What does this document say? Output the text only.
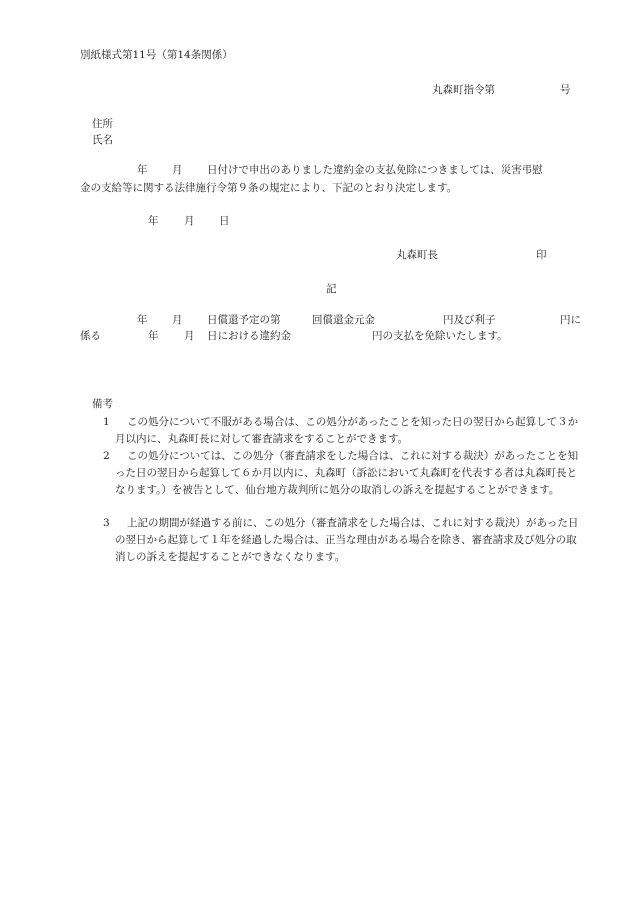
別紙様式第11号（第14条関係）
丸森町指令第	号
住所
氏名
年 月 日付けで申出のありました違約金の支払免除につきましては、災害弔慰
金の支給等に関する法律施行令第９条の規定により、下記のとおり決定します。
年 月 日
丸森町長	印
記
年 月 日償還予定の第	回償還金元金	円及び利子	円に
係る	年 月 日における違約金	円の支払を免除いたします。
備考
1	この処分について不服がある場合は、この処分があったことを知った日の翌日から起算して３か月以内に、丸森町長に対して審査請求をすることができます。
2	この処分については、この処分（審査請求をした場合は、これに対する裁決）があったことを知った日の翌日から起算して６か月以内に、丸森町（訴訟において丸森町を代表する者は丸森町長となります。）を被告として、仙台地方裁判所に処分の取消しの訴えを提起することができます。
3	上記の期間が経過する前に、この処分（審査請求をした場合は、これに対する裁決）があった日の翌日から起算して１年を経過した場合は、正当な理由がある場合を除き、審査請求及び処分の取消しの訴えを提起することができなくなります。
